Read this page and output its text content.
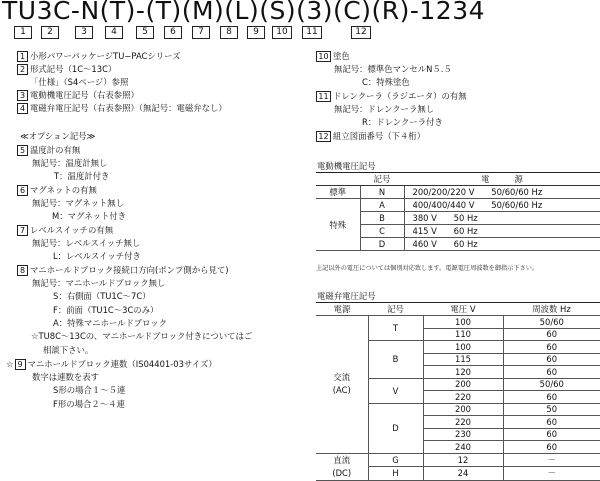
TU3C-N(T)-(T)(M)(L)(S)(3)(C)(R)-1234
1	2	3	4	5	6	7	8	9	10	11	12
1 小形パワーパッケージTU−PACシリーズ
2 形式記号（1C〜13C）
「仕様」（S4ページ）参照
3 電動機電圧記号（右表参照）
4 電磁弁電圧記号（右表参照）（無記号：電磁弁なし）
≪オプション記号≫
5 温度計の有無
無記号：温度計無し
T：温度計付き
6 マグネットの有無
無記号：マグネット無し
M：マグネット付き
7 レベルスイッチの有無
無記号：レベルスイッチ無し
L：レベルスイッチ付き
8 マニホールドブロック接続口方向(ポンプ側から見て)
無記号：マニホールドブロック無し
S：右側面（TU1C〜7C）
F：前面（TU1C〜3Cのみ）
A：特殊マニホールドブロック
☆TU8C〜13Cの、マニホールドブロック付きについてはご
相談下さい。
☆ 9 マニホールドブロック連数（IS04401-03サイズ）
数字は連数を表す
S形の場合１〜５連
F形の場合２〜４連
10 塗色
無記号：標準色マンセルN５.５
C：特殊塗色
11 ドレンクーラ（ラジエータ）の有無
無記号：ドレンクーラ無し
R：ドレンクーラ付き
12 組立図面番号（下４桁）
電動機電圧記号
	記号	電　　　源
標準	N	200/200/220 V　　50/60/60 Hz
特殊	A	400/400/440 V　　50/60/60 Hz
	B	380 V　　50 Hz
	C	415 V　　60 Hz
	D	460 V　　60 Hz
上記以外の電圧については個別対応致します。電源電圧周波数を御指示下さい。
電磁弁電圧記号
電源	記号	電圧 V	周波数 Hz
交流
(AC)	T	100	50/60
		110	60
	B	100	60
		115	60
		120	60
	V	200	50/60
		220	60
	D	200	50
		220	60
		230	60
		240	60
直流
(DC)	G	12	－
	H	24	－
